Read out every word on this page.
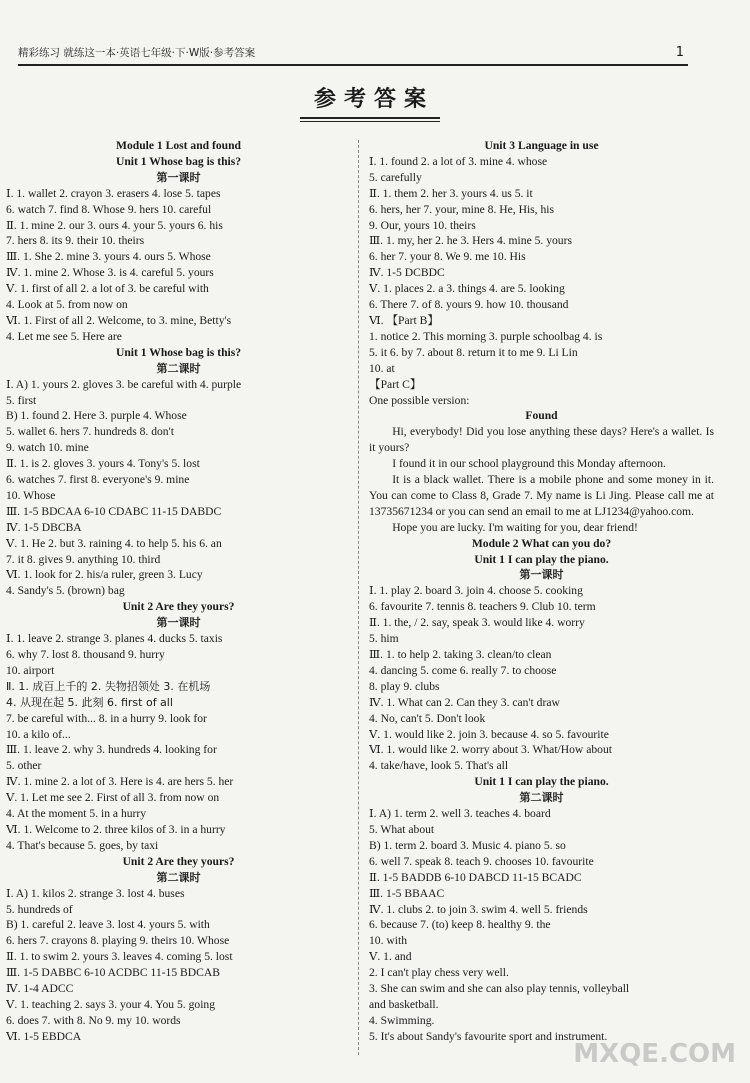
精彩练习 就练这一本·英语七年级·下·W版·参考答案	1
参考答案
Module 1 Lost and found
Unit 1 Whose bag is this?
第一课时
Ⅰ. 1. wallet 2. crayon 3. erasers 4. lose 5. tapes
6. watch 7. find 8. Whose 9. hers 10. careful
Ⅱ. 1. mine 2. our 3. ours 4. your 5. yours 6. his
7. hers 8. its 9. their 10. theirs
Ⅲ. 1. She 2. mine 3. yours 4. ours 5. Whose
Ⅳ. 1. mine 2. Whose 3. is 4. careful 5. yours
Ⅴ. 1. first of all 2. a lot of 3. be careful with
4. Look at 5. from now on
Ⅵ. 1. First of all 2. Welcome, to 3. mine, Betty's
4. Let me see 5. Here are
Unit 1 Whose bag is this?
第二课时
Ⅰ. A) 1. yours 2. gloves 3. be careful with 4. purple
5. first
B) 1. found 2. Here 3. purple 4. Whose
5. wallet 6. hers 7. hundreds 8. don't
9. watch 10. mine
Ⅱ. 1. is 2. gloves 3. yours 4. Tony's 5. lost
6. watches 7. first 8. everyone's 9. mine
10. Whose
Ⅲ. 1-5 BDCAA 6-10 CDABC 11-15 DABDC
Ⅳ. 1-5 DBCBA
Ⅴ. 1. He 2. but 3. raining 4. to help 5. his 6. an
7. it 8. gives 9. anything 10. third
Ⅵ. 1. look for 2. his/a ruler, green 3. Lucy
4. Sandy's 5. (brown) bag
Unit 2 Are they yours?
第一课时
Ⅰ. 1. leave 2. strange 3. planes 4. ducks 5. taxis
6. why 7. lost 8. thousand 9. hurry
10. airport
Ⅱ. 1. 成百上千的 2. 失物招领处 3. 在机场
4. 从现在起 5. 此刻 6. first of all
7. be careful with... 8. in a hurry 9. look for
10. a kilo of...
Ⅲ. 1. leave 2. why 3. hundreds 4. looking for
5. other
Ⅳ. 1. mine 2. a lot of 3. Here is 4. are hers 5. her
Ⅴ. 1. Let me see 2. First of all 3. from now on
4. At the moment 5. in a hurry
Ⅵ. 1. Welcome to 2. three kilos of 3. in a hurry
4. That's because 5. goes, by taxi
Unit 2 Are they yours?
第二课时
Ⅰ. A) 1. kilos 2. strange 3. lost 4. buses
5. hundreds of
B) 1. careful 2. leave 3. lost 4. yours 5. with
6. hers 7. crayons 8. playing 9. theirs 10. Whose
Ⅱ. 1. to swim 2. yours 3. leaves 4. coming 5. lost
Ⅲ. 1-5 DABBC 6-10 ACDBC 11-15 BDCAB
Ⅳ. 1-4 ADCC
Ⅴ. 1. teaching 2. says 3. your 4. You 5. going
6. does 7. with 8. No 9. my 10. words
Ⅵ. 1-5 EBDCA
Unit 3 Language in use
Ⅰ. 1. found 2. a lot of 3. mine 4. whose
5. carefully
Ⅱ. 1. them 2. her 3. yours 4. us 5. it
6. hers, her 7. your, mine 8. He, His, his
9. Our, yours 10. theirs
Ⅲ. 1. my, her 2. he 3. Hers 4. mine 5. yours
6. her 7. your 8. We 9. me 10. His
Ⅳ. 1-5 DCBDC
Ⅴ. 1. places 2. a 3. things 4. are 5. looking
6. There 7. of 8. yours 9. how 10. thousand
Ⅵ. 【Part B】
1. notice 2. This morning 3. purple schoolbag 4. is
5. it 6. by 7. about 8. return it to me 9. Li Lin
10. at
【Part C】
One possible version:
Found
Hi, everybody! Did you lose anything these days? Here's a wallet. Is it yours?
I found it in our school playground this Monday afternoon.
It is a black wallet. There is a mobile phone and some money in it. You can come to Class 8, Grade 7. My name is Li Jing. Please call me at 13735671234 or you can send an email to me at LJ1234@yahoo.com.
Hope you are lucky. I'm waiting for you, dear friend!
Module 2 What can you do?
Unit 1 I can play the piano.
第一课时
Ⅰ. 1. play 2. board 3. join 4. choose 5. cooking
6. favourite 7. tennis 8. teachers 9. Club 10. term
Ⅱ. 1. the, / 2. say, speak 3. would like 4. worry
5. him
Ⅲ. 1. to help 2. taking 3. clean/to clean
4. dancing 5. come 6. really 7. to choose
8. play 9. clubs
Ⅳ. 1. What can 2. Can they 3. can't draw
4. No, can't 5. Don't look
Ⅴ. 1. would like 2. join 3. because 4. so 5. favourite
Ⅵ. 1. would like 2. worry about 3. What/How about
4. take/have, look 5. That's all
Unit 1 I can play the piano.
第二课时
Ⅰ. A) 1. term 2. well 3. teaches 4. board
5. What about
B) 1. term 2. board 3. Music 4. piano 5. so
6. well 7. speak 8. teach 9. chooses 10. favourite
Ⅱ. 1-5 BADDB 6-10 DABCD 11-15 BCADC
Ⅲ. 1-5 BBAAC
Ⅳ. 1. clubs 2. to join 3. swim 4. well 5. friends
6. because 7. (to) keep 8. healthy 9. the
10. with
Ⅴ. 1. and
2. I can't play chess very well.
3. She can swim and she can also play tennis, volleyball
and basketball.
4. Swimming.
5. It's about Sandy's favourite sport and instrument.
MXQE.COM
